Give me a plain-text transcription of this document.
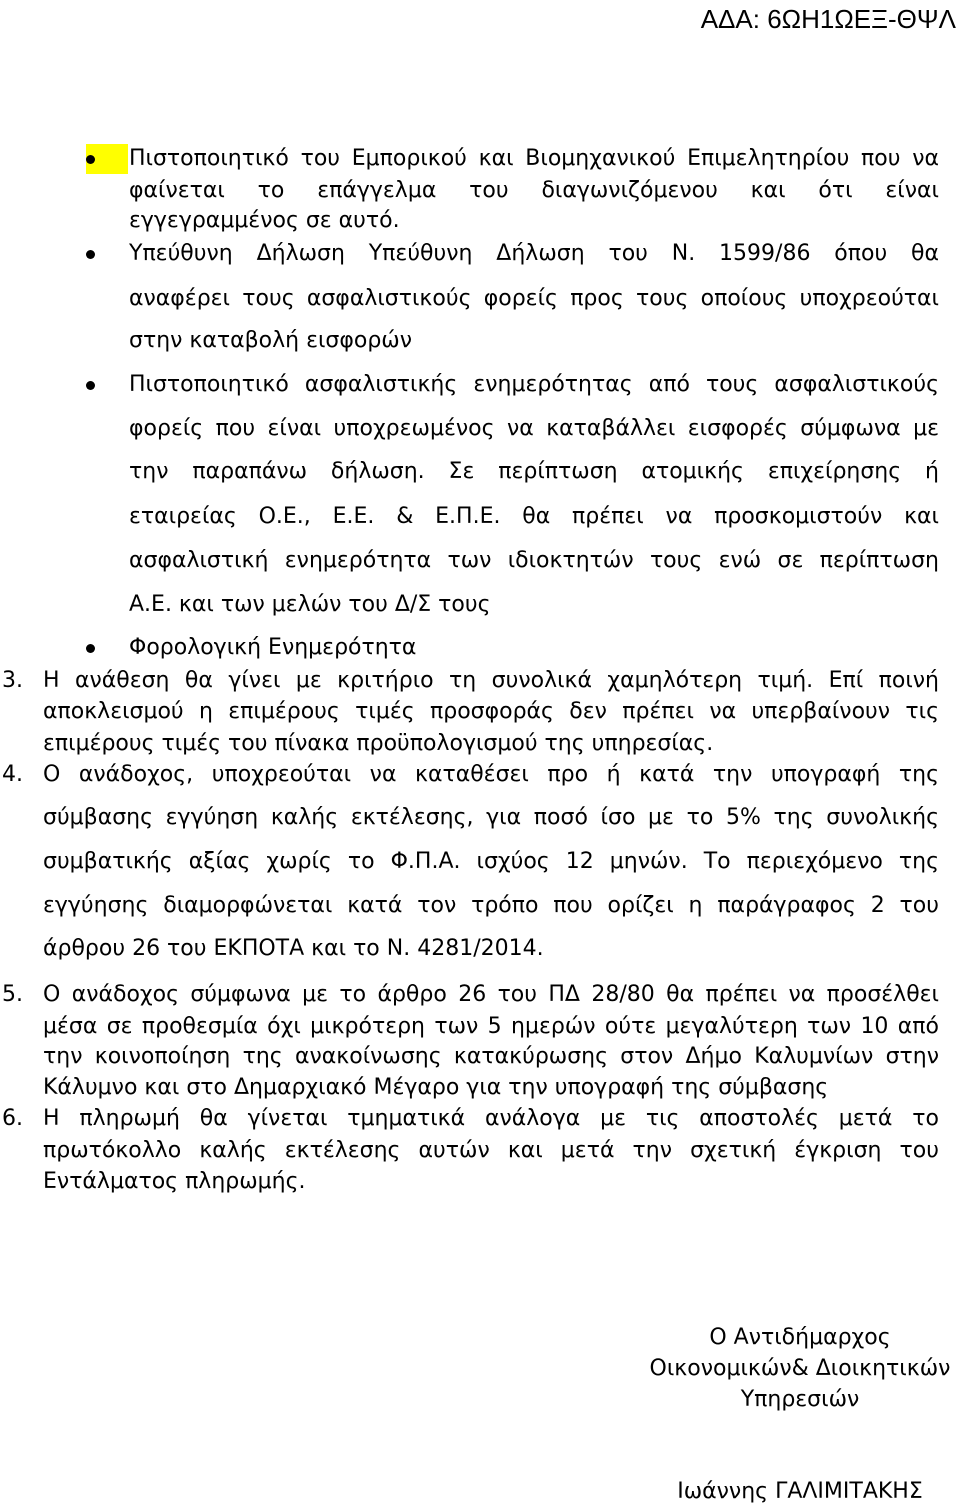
ΑΔΑ: 6ΩΗ1ΩΕΞ-ΘΨΛ
Πιστοποιητικό του Εμπορικού και Βιομηχανικού Επιμελητηρίου που να
φαίνεται το επάγγελμα του διαγωνιζόμενου και ότι είναι
εγγεγραμμένος σε αυτό.
Υπεύθυνη Δήλωση Υπεύθυνη Δήλωση του Ν. 1599/86 όπου θα
αναφέρει τους ασφαλιστικούς φορείς προς τους οποίους υποχρεούται
στην καταβολή εισφορών
Πιστοποιητικό ασφαλιστικής ενημερότητας από τους ασφαλιστικούς
φορείς που είναι υποχρεωμένος να καταβάλλει εισφορές σύμφωνα με
την παραπάνω δήλωση. Σε περίπτωση ατομικής επιχείρησης ή
εταιρείας Ο.Ε., Ε.Ε. & Ε.Π.Ε. θα πρέπει να προσκομιστούν και
ασφαλιστική ενημερότητα των ιδιοκτητών τους ενώ σε περίπτωση
Α.Ε. και των μελών του Δ/Σ τους
Φορολογική Ενημερότητα
3. Η ανάθεση θα γίνει με κριτήριο τη συνολικά χαμηλότερη τιμή. Επί ποινή
αποκλεισμού η επιμέρους τιμές προσφοράς δεν πρέπει να υπερβαίνουν τις
επιμέρους τιμές του πίνακα προϋπολογισμού της υπηρεσίας.
4. Ο ανάδοχος, υποχρεούται να καταθέσει προ ή κατά την υπογραφή της
σύμβασης εγγύηση καλής εκτέλεσης, για ποσό ίσο με το 5% της συνολικής
συμβατικής αξίας χωρίς το Φ.Π.Α. ισχύος 12 μηνών. Το περιεχόμενο της
εγγύησης διαμορφώνεται κατά τον τρόπο που ορίζει η παράγραφος 2 του
άρθρου 26 του ΕΚΠΟΤΑ και το Ν. 4281/2014.
5. Ο ανάδοχος σύμφωνα με το άρθρο 26 του ΠΔ 28/80 θα πρέπει να προσέλθει
μέσα σε προθεσμία όχι μικρότερη των 5 ημερών ούτε μεγαλύτερη των 10 από
την κοινοποίηση της ανακοίνωσης κατακύρωσης στον Δήμο Καλυμνίων στην
Κάλυμνο και στο Δημαρχιακό Μέγαρο για την υπογραφή της σύμβασης
6. Η πληρωμή θα γίνεται τμηματικά ανάλογα με τις αποστολές μετά το
πρωτόκολλο καλής εκτέλεσης αυτών και μετά την σχετική έγκριση του
Εντάλματος πληρωμής.
Ο Αντιδήμαρχος
Οικονομικών& Διοικητικών
Υπηρεσιών
Ιωάννης ΓΑΛΙΜΙΤΑΚΗΣ
